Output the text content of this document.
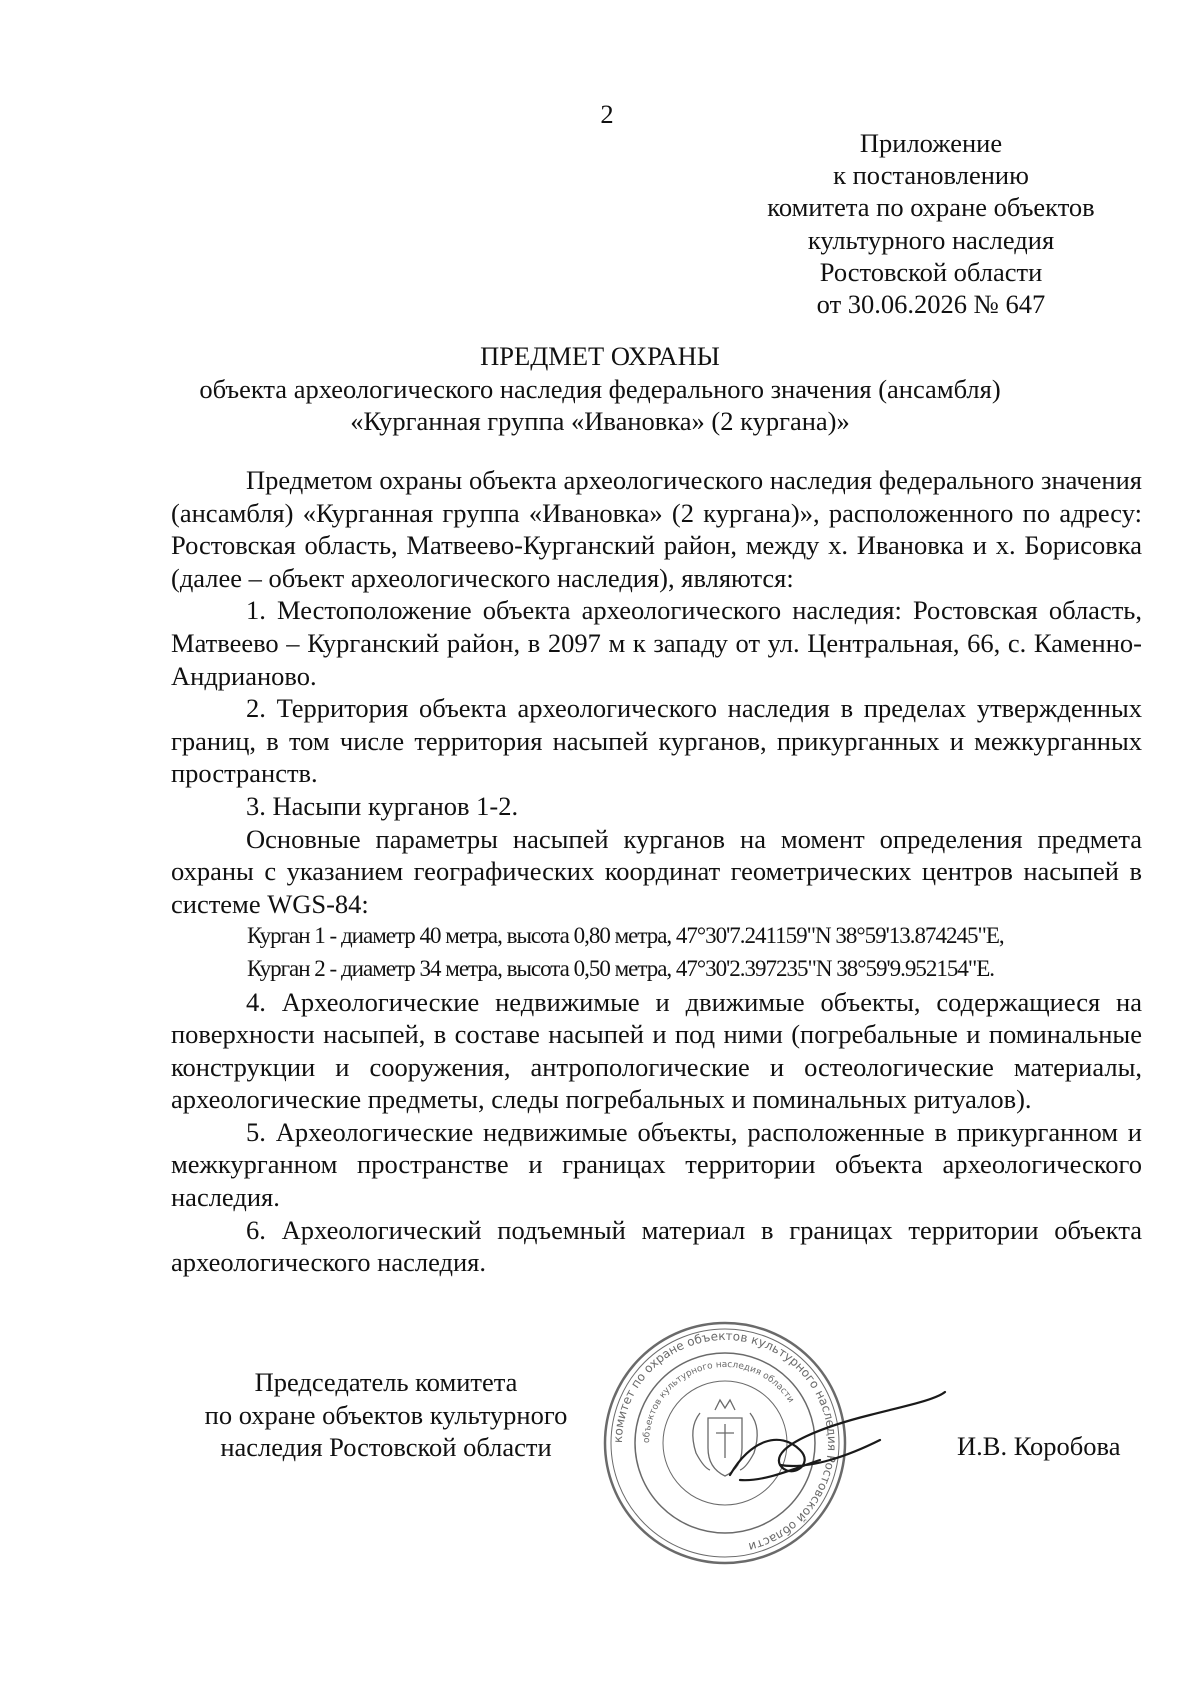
2
Приложение
к постановлению
комитета по охране объектов
культурного наследия
Ростовской области
от 30.06.2026 № 647
ПРЕДМЕТ ОХРАНЫ
объекта археологического наследия федерального значения (ансамбля)
«Курганная группа «Ивановка» (2 кургана)»

Предметом охраны объекта археологического наследия федерального значения (ансамбля) «Курганная группа «Ивановка» (2 кургана)», расположенного по адресу: Ростовская область, Матвеево-Курганский район, между х. Ивановка и х. Борисовка (далее – объект археологического наследия), являются:

1. Местоположение объекта археологического наследия: Ростовская область, Матвеево – Курганский район, в 2097 м к западу от ул. Центральная, 66, с. Каменно-Андрианово.

2. Территория объекта археологического наследия в пределах утвержденных границ, в том числе территория насыпей курганов, прикурганных и межкурганных пространств.

3. Насыпи курганов 1-2.

Основные параметры насыпей курганов на момент определения предмета охраны с указанием географических координат геометрических центров насыпей в системе WGS-84:

Курган 1 - диаметр 40 метра, высота 0,80 метра, 47°30'7.241159"N 38°59'13.874245"E,

Курган 2 - диаметр 34 метра, высота 0,50 метра, 47°30'2.397235"N 38°59'9.952154"E.

4. Археологические недвижимые и движимые объекты, содержащиеся на поверхности насыпей, в составе насыпей и под ними (погребальные и поминальные конструкции и сооружения, антропологические и остеологические материалы, археологические предметы, следы погребальных и поминальных ритуалов).

5. Археологические недвижимые объекты, расположенные в прикурганном и межкурганном пространстве и границах территории объекта археологического наследия.

6. Археологический подъемный материал в границах территории объекта археологического наследия.

Председатель комитета
по охране объектов культурного
наследия Ростовской области	комитет по охране объектов культурного наследия Ростовской области
объектов культурного наследия области
И.В. Коробова
